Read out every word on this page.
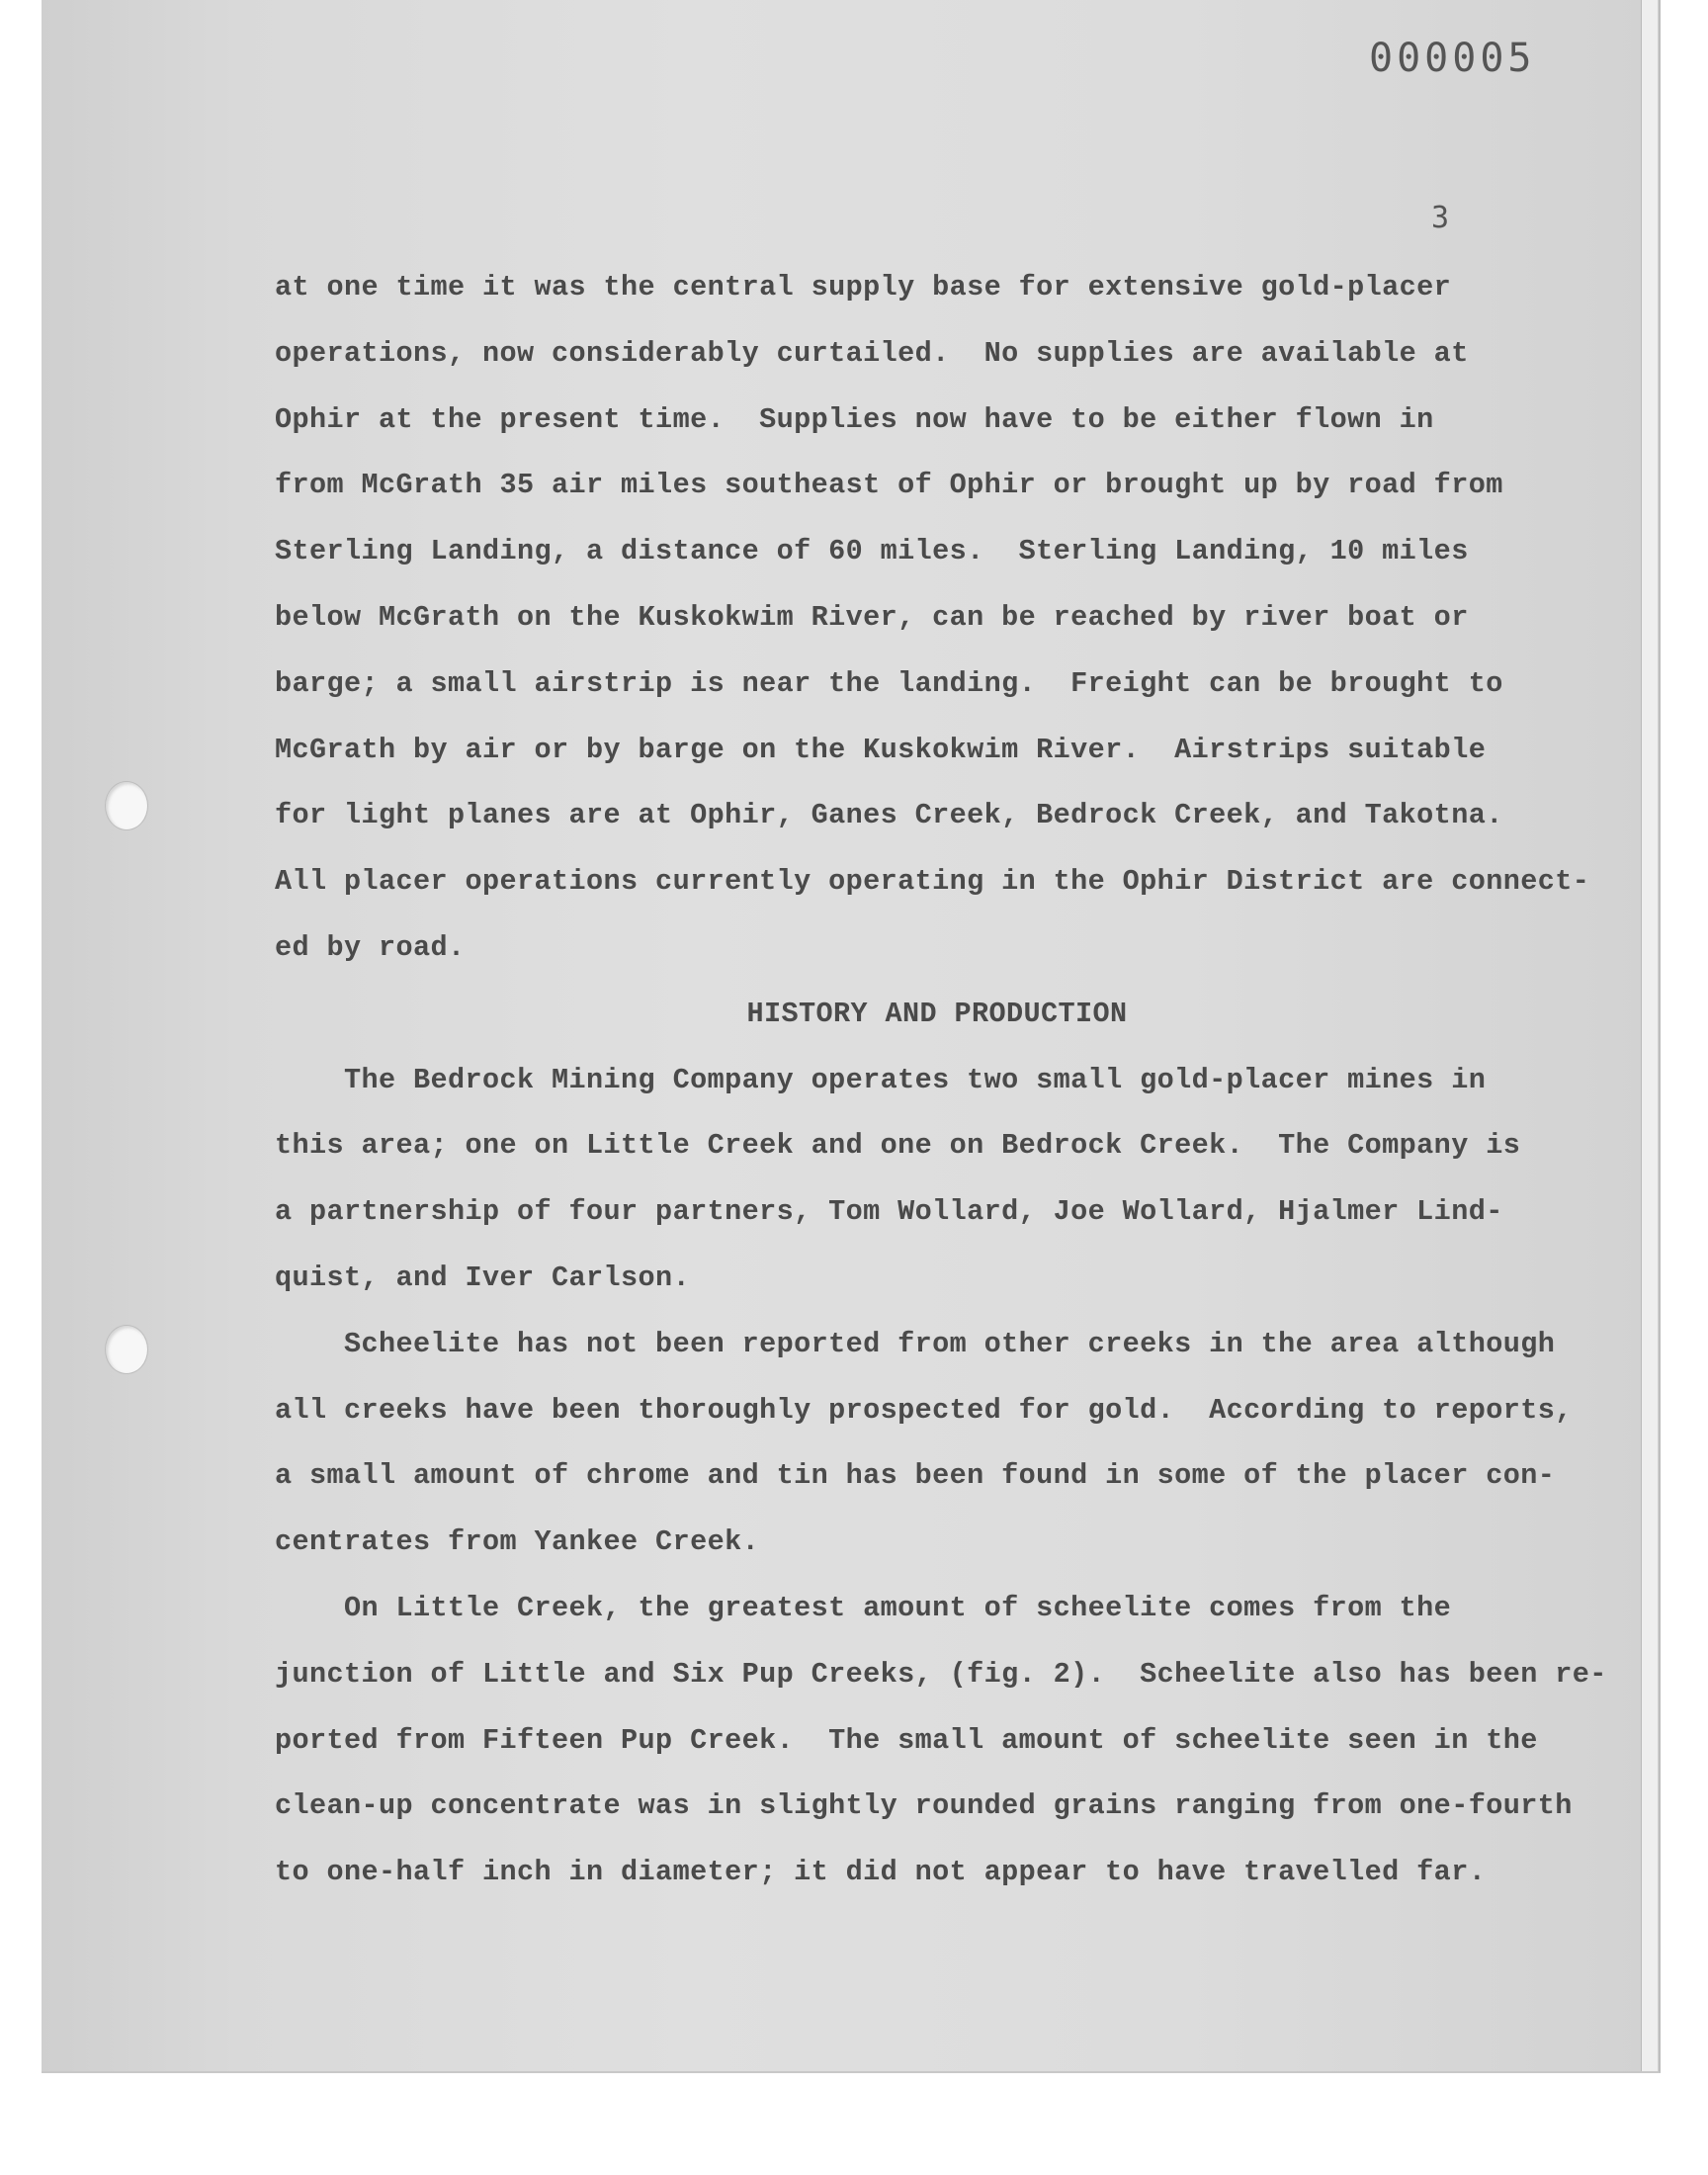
000005
3
at one time it was the central supply base for extensive gold-placer
operations, now considerably curtailed.  No supplies are available at
Ophir at the present time.  Supplies now have to be either flown in
from McGrath 35 air miles southeast of Ophir or brought up by road from
Sterling Landing, a distance of 60 miles.  Sterling Landing, 10 miles
below McGrath on the Kuskokwim River, can be reached by river boat or
barge; a small airstrip is near the landing.  Freight can be brought to
McGrath by air or by barge on the Kuskokwim River.  Airstrips suitable
for light planes are at Ophir, Ganes Creek, Bedrock Creek, and Takotna.
All placer operations currently operating in the Ophir District are connect-
ed by road.
HISTORY AND PRODUCTION
The Bedrock Mining Company operates two small gold-placer mines in
this area; one on Little Creek and one on Bedrock Creek.  The Company is
a partnership of four partners, Tom Wollard, Joe Wollard, Hjalmer Lind-
quist, and Iver Carlson.
Scheelite has not been reported from other creeks in the area although
all creeks have been thoroughly prospected for gold.  According to reports,
a small amount of chrome and tin has been found in some of the placer con-
centrates from Yankee Creek.
On Little Creek, the greatest amount of scheelite comes from the
junction of Little and Six Pup Creeks, (fig. 2).  Scheelite also has been re-
ported from Fifteen Pup Creek.  The small amount of scheelite seen in the
clean-up concentrate was in slightly rounded grains ranging from one-fourth
to one-half inch in diameter; it did not appear to have travelled far.
